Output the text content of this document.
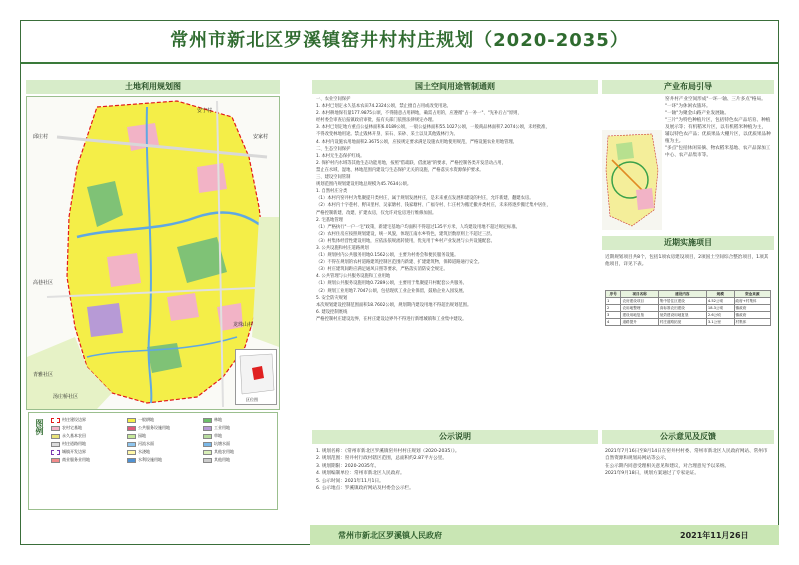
常州市新北区罗溪镇窑井村村庄规划（2020-2035）
土地利用规划图	国土空间用途管制通则	产业布局引导
近期实施项目
公示说明	公示意见及反馈
安宁村
邱庄村	安家村
高巷社区
龙珠山村
青雅社区
汤庄桥社区	区位图
图例	村庄建设边界	一般耕地	林地
农村宅基地	公共服务设施用地	工业用地
永久基本农田	园地	草地
村庄道路用地	河流水面	坑塘水面
城镇开发边界	水浇地	其他农用地
商业服务业用地	水利设施用地	其他用地

一、农业空间保护

1. 本村已划定永久基本农田74.2324公顷，禁止擅自占用或改变用途。

2. 本村耕地保有量177.9875公顷，不得随意占用耕地，确需占用的，应遵循"占一补一"、"先补后占"原则，

经村委会审查后报镇政府审批，报有关部门依照法律规定办理。

3. 本村已划定地方重点公益林面积6.0189公顷，一般公益林面积55.1027公顷，一般商品林面积7.2074公顷，未经批准，

不得改变林地用途。禁止毁林开垦、采石、采砂、采土以及其他毁林行为。

4. 本村内设施农用地面积2.3675公顷，应按规定要求满足设施农用地使用规范，严格设施农业用地管理。

二、生态空间保护

1. 本村无生态保护红线。

2. 保护村内水域等其他生态功能用地，按照"借疏联、借流通"的要求，严格控制各类开发活动占用，

禁止在水域、湿地、林地范围内建设与生态保护无关的设施，严格落实水资源保护要求。

三、建设空间管制

规划范围内规划建设用地总规模为45.7634公顷。

1. 自然村庄分类

（1）本村内窑井村为集聚提升类村庄，属于规划发展村庄，是未来重点发展和建设的村庄，允许新建、翻建农房。

（2）本村内十字巷村、野田里村、吴家塘村、钱家塘村、广福寺村、仁庄村为搬迁撤并类村庄，未来将逐步搬迁集中居住，

严格控制新建、改建、扩建农房，仅允许对危房进行维修加固。

2. 宅基地管理

（1）严格执行"一户一宅"政策，新建宅基地户均面积不得超过135平方米，人均建设用地不超过规定标准。

（2）农村住房应按照规划建设，统一风貌，体现江南水乡特色，建筑层数原则上不超过三层。

（3）村集体经营性建设用地，应依法依规流转使用，优先用于乡村产业发展与公共设施配套。

3. 公共设施和村庄道路规划

（1）规划村内公共服务用地0.1562公顷，主要为村委会和便民服务设施。

（2）不得在规划的农村道路建筑控制区范围内新建、扩建建筑物，保障道路通行安全。

（3）村庄建筑间距应满足通风日照等要求，严格落实消防安全规定。

4. 公共管理与公共服务设施和工业用地

（1）规划公共服务设施用地0.7289公顷，主要用于集聚提升村配套公共服务。

（2）规划工业用地7.7047公顷，包括现状工业企业保留，鼓励企业入园发展。

5. 安全防灾规划

本次规划建设控制范围面积18.7602公顷，规划期内建设用地不得超出规划范围。

6. 建设控制底线

严格控制村庄建设边界，在村庄建设边界外不得进行新增城镇和工业集中建设。

窑井村产业空间形成"一环一轴、三片多点"格局。

"一环"为休闲农旅环。

"一轴"为聚金山路产业发展轴。

"三片"为特色种植片区，包括特色农产品培育、种植及展示等；有机稻米片区，以有机稻米种植为主，

辅以特色农产品；优质果品大棚片区，以优质果品种植为主。

"多点"包括休闲采摘、物农稻米基地、农产品深加工中心、农产品集市等。

近期规划项目共8个，包括1项农房建设项目，2项国土空间综合整治项目，1项其他项目，详见下表。
序号	项目名称	建设内容	规模	资金来源
1	农房建设项目	集中居住区建设	4.52公顷	政府+村集体
2	农用地整理	高标准农田建设	18.3公顷	镇政府
3	建设用地复垦	低效建设用地复垦	2.6公顷	镇政府
4	道路提升	村庄道路拓宽	3.1公里	村集体

1. 规划名称：《常州市新北区罗溪镇窑井村村庄规划（2020-2035）》。

2. 规划范围：窑井村行政村辖区范围，总面积约2.87平方公里。

3. 规划期限：2020-2035年。

4. 规划编制单位：常州市新北区人民政府。

5. 公示时间：2021年11月1日。

6. 公示地点：罗溪镇政府网站及村委会公示栏。

2021年7月16日至8月14日在窑井村村委、常州市新北区人民政府网站、常州市自然资源和规划局网站等公示，

在公示期内同意受理相关意见和建议，对合理意见予以采纳。

2021年9月18日，规划方案通过了专家论证。

常州市新北区罗溪镇人民政府	2021年11月26日
